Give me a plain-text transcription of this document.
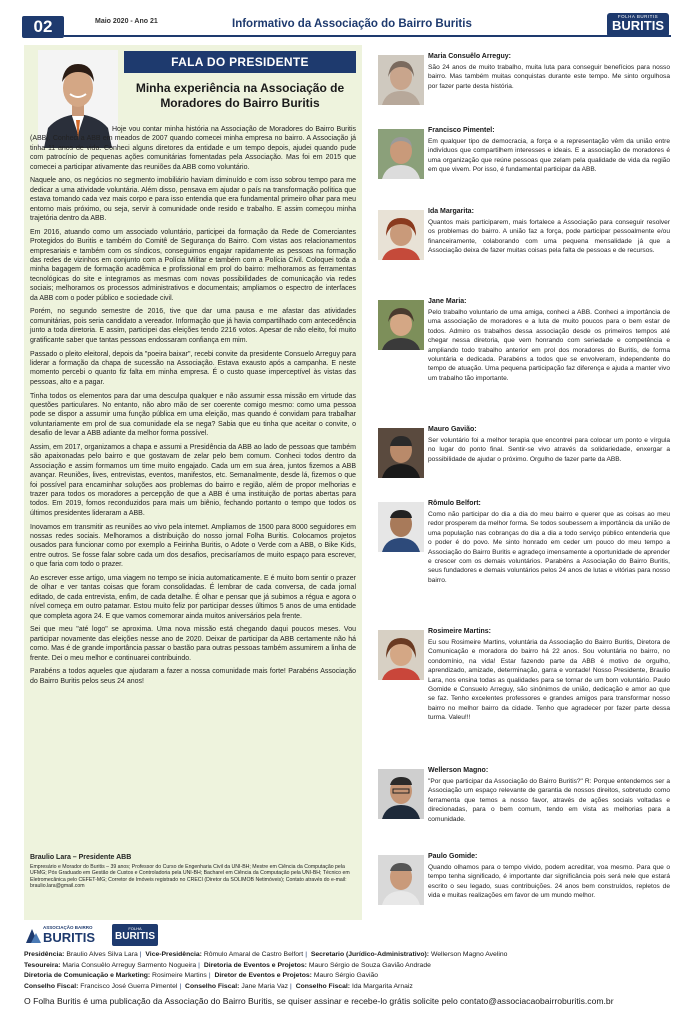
02	Maio 2020 - Ano 21	Informativo da Associação do Bairro Buritis
FOLHA BURITIS
BURITIS
FALA DO PRESIDENTE
Minha experiência na Associação de
Moradores do Bairro Buritis

Hoje vou contar minha história na Associação de Moradores do Bairro Buritis (ABB). Conheci a ABB em meados de 2007 quando comecei minha empresa no bairro. A Associação já tinha 11 anos de vida. Conheci alguns diretores da entidade e um tempo depois, ajudei quando pude com patrocínio de pequenas ações comunitárias fomentadas pela Associação. Mas foi em 2015 que comecei a participar ativamente das reuniões da ABB como voluntário.

Naquele ano, os negócios no segmento imobiliário haviam diminuído e com isso sobrou tempo para me dedicar a uma atividade voluntária. Além disso, pensava em ajudar o país na transformação política que estava tomando cada vez mais corpo e para isso entendia que era fundamental primeiro olhar para meu entorno mais próximo, ou seja, servir à comunidade onde resido e trabalho. E assim começou minha trajetória dentro da ABB.

Em 2016, atuando como um associado voluntário, participei da formação da Rede de Comerciantes Protegidos do Buritis e também do Comitê de Segurança do Bairro. Com vistas aos relacionamentos empresariais e também com os síndicos, conseguimos engajar rapidamente as pessoas na formação das redes de vizinhos em conjunto com a Polícia Militar e também com a Polícia Civil. Coloquei toda a minha bagagem de formação acadêmica e profissional em prol do bairro: melhoramos as ferramentas tecnológicas do site e integramos as mesmas com novas possibilidades de comunicação via redes sociais; melhoramos os processos administrativos e documentais; ampliamos o espectro de interfaces da ABB com o poder público e sociedade civil.

Porém, no segundo semestre de 2016, tive que dar uma pausa e me afastar das atividades comunitárias, pois seria candidato a vereador. Informação que já havia compartilhado com antecedência junto a toda diretoria. E assim, participei das eleições tendo 2216 votos. Apesar de não eleito, foi muito gratificante saber que tantas pessoas endossaram confiança em mim.

Passado o pleito eleitoral, depois da "poeira baixar", recebi convite da presidente Consuelo Arreguy para liderar a formação da chapa de sucessão na Associação. Estava exausto após a campanha. E neste momento percebi o quanto fiz falta em minha empresa. É o custo quase imperceptível às vistas das pessoas, alto e a pagar.

Tinha todos os elementos para dar uma desculpa qualquer e não assumir essa missão em virtude das questões particulares. No entanto, não abro mão de ser coerente comigo mesmo: como uma pessoa pode se dispor a assumir uma função pública em uma eleição, mas quando é convidam para trabalhar voluntariamente em prol de sua comunidade ela se nega? Sabia que eu tinha que aceitar o convite, o desafio de levar a ABB adiante da melhor forma possível.

Assim, em 2017, organizamos a chapa e assumi a Presidência da ABB ao lado de pessoas que também são apaixonadas pelo bairro e que gostavam de zelar pelo bem comum. Conheci todos dentro da Associação e assim formamos um time muito engajado. Cada um em sua área, juntos fizemos a ABB avançar. Reuniões, lives, entrevistas, eventos, manifestos, etc. Semanalmente, desde lá, fizemos o que foi possível para encaminhar soluções aos problemas do bairro e região, além de propor melhorias e trazer para todos os moradores a percepção de que a ABB é uma instituição de portas abertas para todos. Em 2019, fomos reconduzidos para mais um biênio, fechando portanto o tempo que todos os últimos presidentes lideraram a ABB.

Inovamos em transmitir as reuniões ao vivo pela internet. Ampliamos de 1500 para 8000 seguidores em nossas redes sociais. Melhoramos a distribuição do nosso jornal Folha Buritis. Colocamos projetos ousados para funcionar como por exemplo a Feirinha Buritis, o Adote o Verde com a ABB, o Bike Kids, entre outros. Se fosse falar sobre cada um dos desafios, precisaríamos de muito espaço para escrever, o que faria com todo o prazer.

Ao escrever esse artigo, uma viagem no tempo se inicia automaticamente. E é muito bom sentir o prazer de olhar e ver tantas coisas que foram consolidadas. É lembrar de cada conversa, de cada jornal editado, de cada entrevista, enfim, de cada detalhe. É olhar e pensar que já subimos a régua e agora o nível começa em outro patamar. Estou muito feliz por participar desses últimos 5 anos de uma entidade que completa agora 24. E que vamos comemorar ainda muitos aniversários pela frente.

Sei que meu "até logo" se aproxima. Uma nova missão está chegando daqui poucos meses. Vou participar novamente das eleições nesse ano de 2020. Deixar de participar da ABB certamente não há como. Mas é de grande importância passar o bastão para outras pessoas também assumirem a linha de frente. Dei o meu melhor e continuarei contribuindo.

Parabéns a todos aqueles que ajudaram a fazer a nossa comunidade mais forte! Parabéns Associação do Bairro Buritis pelos seus 24 anos!

Braulio Lara – Presidente ABB
Empresário e Morador do Buritis – 39 anos; Professor do Curso de Engenharia Civil da UNI-BH; Mestre em Ciência da Computação pela UFMG; Pós Graduado em Gestão de Custos e Controladoria pela UNI-BH; Bacharel em Ciência da Computação pela UNI-BH; Técnico em Eletromecânica pelo CEFET-MG; Corretor de Imóveis registrado no CRECI (Diretor da SOLIMOB Netimóveis); Contato através do e-mail: braulio.lara@gmail.com
Maria Consuêlo Arreguy:
São 24 anos de muito trabalho, muita luta para conseguir benefícios para nosso bairro. Mas também muitas conquistas durante este tempo. Me sinto orgulhosa por fazer parte desta história.
Francisco Pimentel:
Em qualquer tipo de democracia, a força e a representação vêm da união entre indivíduos que compartilhem interesses e ideais. E a associação de moradores é uma organização que reúne pessoas que zelam pela qualidade de vida da região em que vivem. Por isso, é fundamental participar da ABB.
Ida Margarita:
Quantos mais participarem, mais fortalece a Associação para conseguir resolver os problemas do bairro. A união faz a força, pode participar pessoalmente e/ou financeiramente, colaborando com uma pequena mensalidade já que a Associação deixa de fazer muitas coisas pela falta de pessoas e de recursos.
Jane Maria:
Pelo trabalho voluntario de uma amiga, conheci a ABB. Conheci a importância de uma associação de moradores e a luta de muito poucos para o bem estar de todos. Admiro os trabalhos dessa associação desde os primeiros tempos até chegar nessa diretoria, que vem honrando com seriedade e competência e ampliando todo trabalho anterior em prol dos moradores do Buritis, de forma voluntária e dedicada. Parabéns a todos que se envolveram, independente do tempo de atuação. Uma pequena participação faz diferença e ajuda a manter vivo um trabalho tão importante.
Mauro Gavião:
Ser voluntário foi a melhor terapia que encontrei para colocar um ponto e vírgula no lugar do ponto final. Sentir-se vivo através da solidariedade, enxergar a possibilidade de ajudar o próximo. Orgulho de fazer parte da ABB.
Rômulo Belfort:
Como não participar do dia a dia do meu bairro e querer que as coisas ao meu redor prosperem da melhor forma. Se todos soubessem a importância da união de uma população nas cobranças do dia a dia a todo serviço público entenderia que o poder é do povo. Me sinto honrado em ceder um pouco do meu tempo a Associação do Bairro Buritis e agradeço imensamente a oportunidade de aprender e crescer com os demais voluntários. Parabéns a Associação do Bairro Buritis, seus fundadores e demais voluntários pelos 24 anos de lutas e vitórias para nosso bairro.
Rosimeire Martins:
Eu sou Rosimeire Martins, voluntária da Associação do Bairro Buritis, Diretora de Comunicação e moradora do bairro há 22 anos. Sou voluntária no bairro, no condomínio, na vida! Estar fazendo parte da ABB é motivo de orgulho, aprendizado, amizade, determinação, garra e vontade! Nosso Presidente, Braulio Lara, nos ensina todas as qualidades para se tornar de um bom voluntário. Paulo Gomide e Consuelo Arreguy, são sinônimos de união, dedicação e amor ao que se faz. Tenho excelentes professores e grandes amigos para transformar nosso bairro no melhor bairro da cidade. Tenho que agradecer por fazer parte dessa turma. Valeu!!!
Wellerson Magno:
"Por que participar da Associação do Bairro Buritis?" R: Porque entendemos ser a Associação um espaço relevante de garantia de nossos direitos, sobretudo como ferramenta que temos a nosso favor, através de ações sociais voltadas e direcionadas, para o bem comum, tendo em vista as melhorias para a comunidade.
Paulo Gomide:
Quando olhamos para o tempo vivido, podem acreditar, voa mesmo. Para que o tempo tenha significado, é importante dar significância pois será nele que estará escrito o seu legado, suas contribuições. 24 anos bem construídos, repletos de vida e muitas realizações em favor de um mundo melhor.
ASSOCIAÇÃO BAIRRO
BURITIS
FOLHA
BURITIS
Presidência: Braulio Alves Silva Lara | Vice-Presidência: Rômulo Amaral de Castro Belfort | Secretario (Jurídico-Administrativo): Wellerson Magno Avelino
Tesoureira: Maria Consuêlo Arreguy Sarmento Nogueira | Diretoria de Eventos e Projetos: Mauro Sérgio de Souza Gavião Andrade
Diretoria de Comunicação e Marketing: Rosimeire Martins | Diretor de Eventos e Projetos: Mauro Sérgio Gavião
Conselho Fiscal: Francisco José Guerra Pimentel | Conselho Fiscal: Jane Maria Vaz | Conselho Fiscal: Ida Margarita Arnaiz
O Folha Buritis é uma publicação da Associação do Bairro Buritis, se quiser assinar e recebe-lo grátis solicite pelo contato@associacaobairroburitis.com.br
